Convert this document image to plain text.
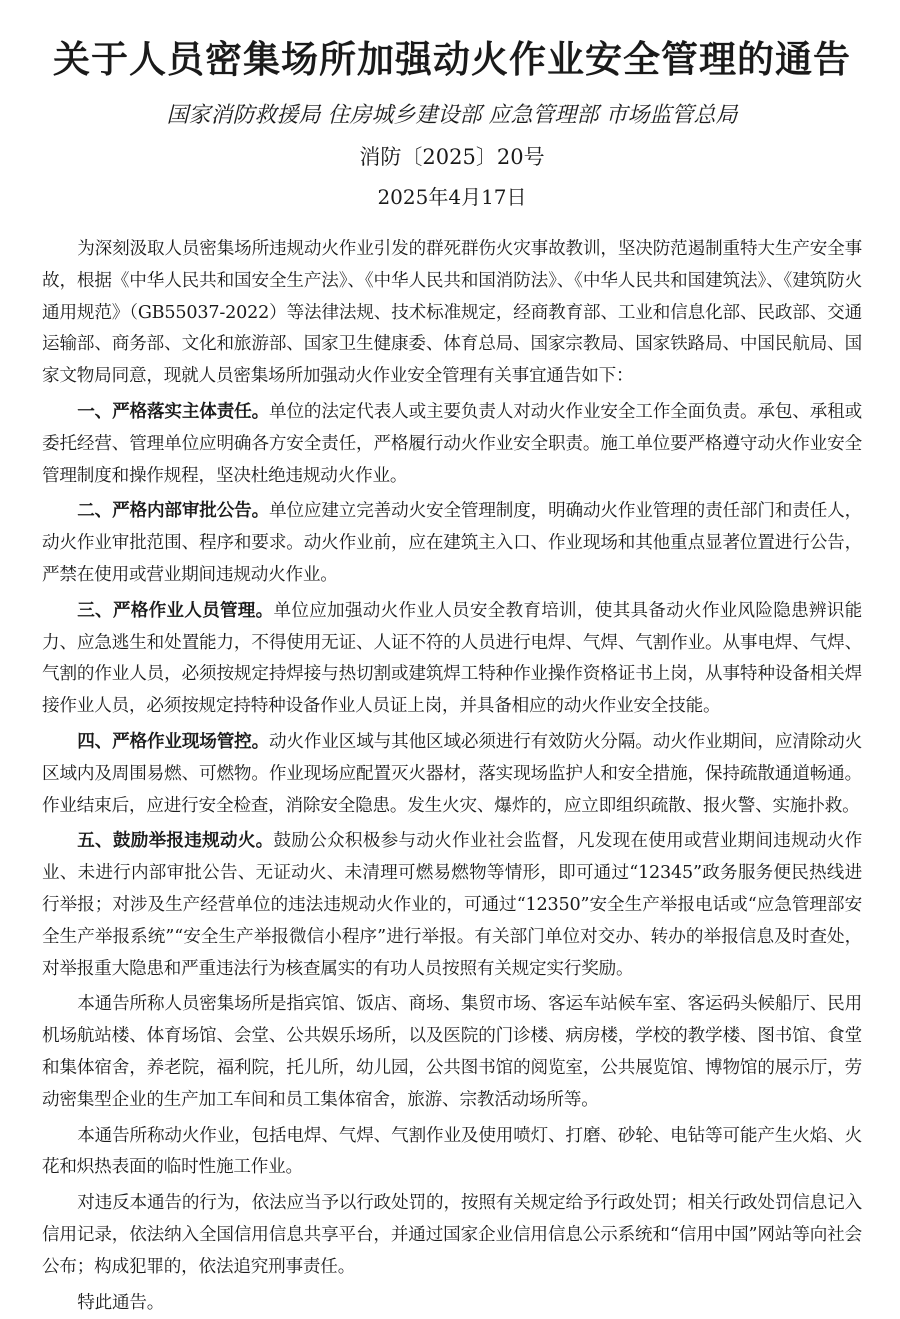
关于人员密集场所加强动火作业安全管理的通告
国家消防救援局 住房城乡建设部 应急管理部 市场监管总局
消防〔2025〕20号
2025年4月17日

为深刻汲取人员密集场所违规动火作业引发的群死群伤火灾事故教训，坚决防范遏制重特大生产安全事故，根据《中华人民共和国安全生产法》、《中华人民共和国消防法》、《中华人民共和国建筑法》、《建筑防火通用规范》（GB55037-2022）等法律法规、技术标准规定，经商教育部、工业和信息化部、民政部、交通运输部、商务部、文化和旅游部、国家卫生健康委、体育总局、国家宗教局、国家铁路局、中国民航局、国家文物局同意，现就人员密集场所加强动火作业安全管理有关事宜通告如下：

一、严格落实主体责任。单位的法定代表人或主要负责人对动火作业安全工作全面负责。承包、承租或委托经营、管理单位应明确各方安全责任，严格履行动火作业安全职责。施工单位要严格遵守动火作业安全管理制度和操作规程，坚决杜绝违规动火作业。

二、严格内部审批公告。单位应建立完善动火安全管理制度，明确动火作业管理的责任部门和责任人，动火作业审批范围、程序和要求。动火作业前，应在建筑主入口、作业现场和其他重点显著位置进行公告，严禁在使用或营业期间违规动火作业。

三、严格作业人员管理。单位应加强动火作业人员安全教育培训，使其具备动火作业风险隐患辨识能力、应急逃生和处置能力，不得使用无证、人证不符的人员进行电焊、气焊、气割作业。从事电焊、气焊、气割的作业人员，必须按规定持焊接与热切割或建筑焊工特种作业操作资格证书上岗，从事特种设备相关焊接作业人员，必须按规定持特种设备作业人员证上岗，并具备相应的动火作业安全技能。

四、严格作业现场管控。动火作业区域与其他区域必须进行有效防火分隔。动火作业期间，应清除动火区域内及周围易燃、可燃物。作业现场应配置灭火器材，落实现场监护人和安全措施，保持疏散通道畅通。作业结束后，应进行安全检查，消除安全隐患。发生火灾、爆炸的，应立即组织疏散、报火警、实施扑救。

五、鼓励举报违规动火。鼓励公众积极参与动火作业社会监督，凡发现在使用或营业期间违规动火作业、未进行内部审批公告、无证动火、未清理可燃易燃物等情形，即可通过“12345”政务服务便民热线进行举报；对涉及生产经营单位的违法违规动火作业的，可通过“12350”安全生产举报电话或“应急管理部安全生产举报系统”“安全生产举报微信小程序”进行举报。有关部门单位对交办、转办的举报信息及时查处，对举报重大隐患和严重违法行为核查属实的有功人员按照有关规定实行奖励。

本通告所称人员密集场所是指宾馆、饭店、商场、集贸市场、客运车站候车室、客运码头候船厅、民用机场航站楼、体育场馆、会堂、公共娱乐场所，以及医院的门诊楼、病房楼，学校的教学楼、图书馆、食堂和集体宿舍，养老院，福利院，托儿所，幼儿园，公共图书馆的阅览室，公共展览馆、博物馆的展示厅，劳动密集型企业的生产加工车间和员工集体宿舍，旅游、宗教活动场所等。

本通告所称动火作业，包括电焊、气焊、气割作业及使用喷灯、打磨、砂轮、电钻等可能产生火焰、火花和炽热表面的临时性施工作业。

对违反本通告的行为，依法应当予以行政处罚的，按照有关规定给予行政处罚；相关行政处罚信息记入信用记录，依法纳入全国信用信息共享平台，并通过国家企业信用信息公示系统和“信用中国”网站等向社会公布；构成犯罪的，依法追究刑事责任。

特此通告。
